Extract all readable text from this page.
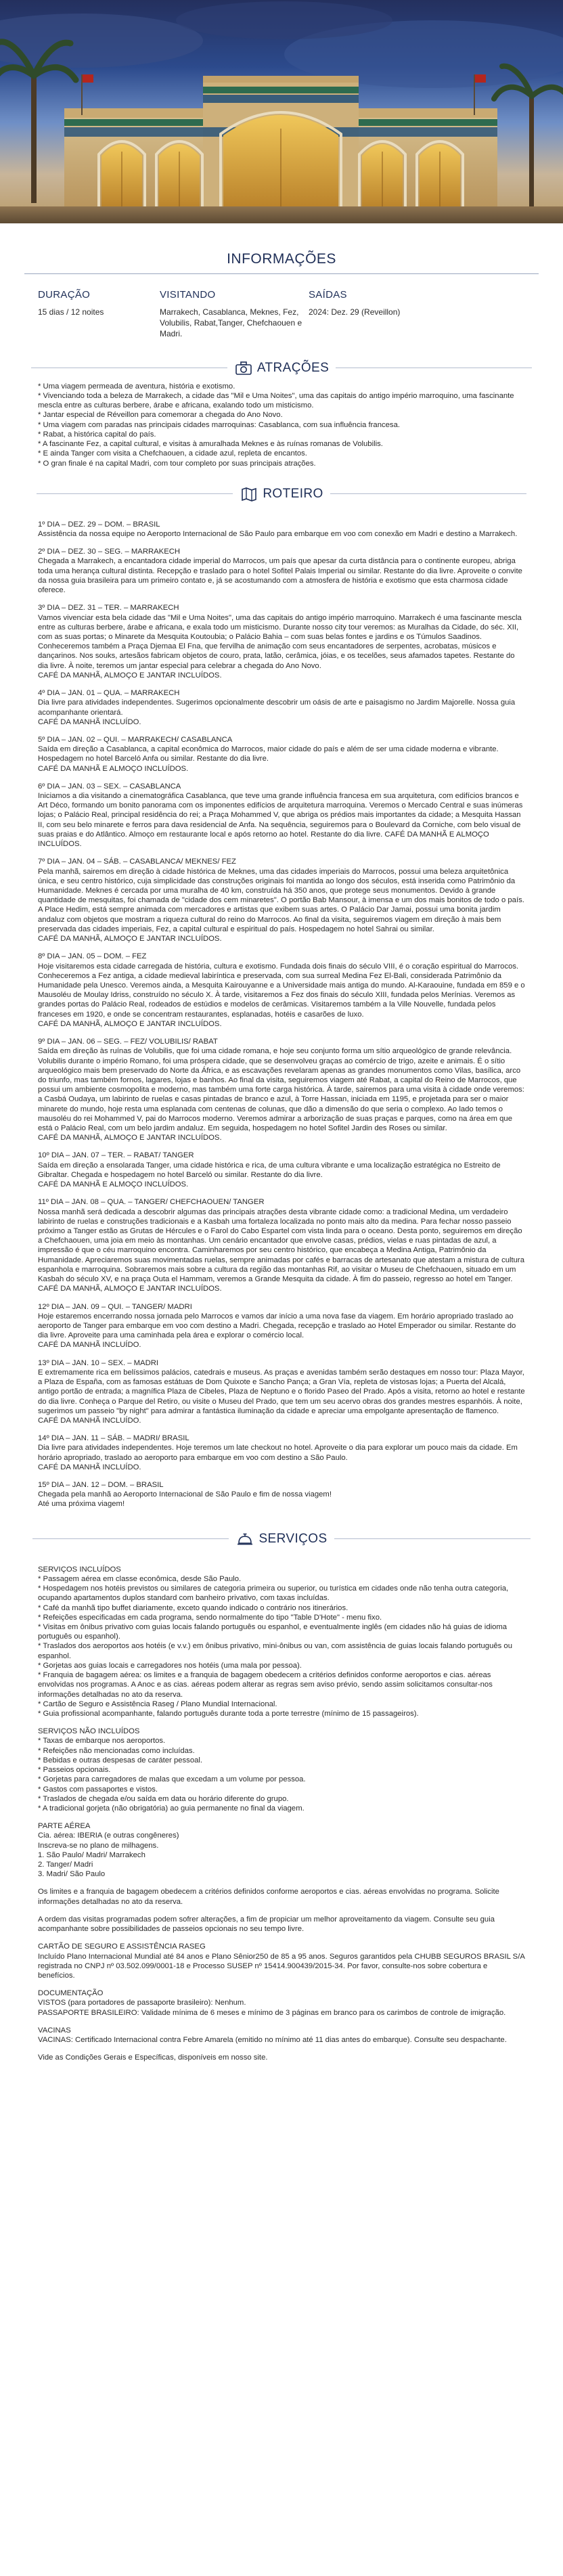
INFORMAÇÕES
DURAÇÃO
15 dias / 12 noites
VISITANDO
Marrakech, Casablanca, Meknes, Fez, Volubilis, Rabat,Tanger, Chefchaouen e Madri.
SAÍDAS
2024: Dez. 29 (Reveillon)
ATRAÇÕES
* Uma viagem permeada de aventura, história e exotismo.
* Vivenciando toda a beleza de Marrakech, a cidade das "Mil e Uma Noites", uma das capitais do antigo império marroquino, uma fascinante mescla entre as culturas berbere, árabe e africana, exalando todo um misticismo.
* Jantar especial de Réveillon para comemorar a chegada do Ano Novo.
* Uma viagem com paradas nas principais cidades marroquinas: Casablanca, com sua influência francesa.
* Rabat, a histórica capital do país.
* A fascinante Fez, a capital cultural, e visitas à amuralhada Meknes e às ruínas romanas de Volubilis.
* E ainda Tanger com visita a Chefchaouen, a cidade azul, repleta de encantos.
* O gran finale é na capital Madri, com tour completo por suas principais atrações.
ROTEIRO
1º DIA – DEZ. 29 – DOM. – BRASIL
Assistência da nossa equipe no Aeroporto Internacional de São Paulo para embarque em voo com conexão em Madri e destino a Marrakech.
2º DIA – DEZ. 30 – SEG. – MARRAKECH
Chegada a Marrakech, a encantadora cidade imperial do Marrocos, um país que apesar da curta distância para o continente europeu, abriga toda uma herança cultural distinta. Recepção e traslado para o hotel Sofitel Palais Imperial ou similar. Restante do dia livre. Aproveite o convite da nossa guia brasileira para um primeiro contato e, já se acostumando com a atmosfera de história e exotismo que esta charmosa cidade oferece.
3º DIA – DEZ. 31 – TER. – MARRAKECH
Vamos vivenciar esta bela cidade das "Mil e Uma Noites", uma das capitais do antigo império marroquino. Marrakech é uma fascinante mescla entre as culturas berbere, árabe e africana, e exala todo um misticismo. Durante nosso city tour veremos: as Muralhas da Cidade, do séc. XII, com as suas portas; o Minarete da Mesquita Koutoubia; o Palácio Bahia – com suas belas fontes e jardins e os Túmulos Saadinos. Conheceremos também a Praça Djemaa El Fna, que fervilha de animação com seus encantadores de serpentes, acrobatas, músicos e dançarinos. Nos souks, artesãos fabricam objetos de couro, prata, latão, cerâmica, jóias, e os tecelões, seus afamados tapetes. Restante do dia livre. À noite, teremos um jantar especial para celebrar a chegada do Ano Novo.
CAFÉ DA MANHÃ, ALMOÇO E JANTAR INCLUÍDOS.
4º DIA – JAN. 01 – QUA. – MARRAKECH
Dia livre para atividades independentes. Sugerimos opcionalmente descobrir um oásis de arte e paisagismo no Jardim Majorelle. Nossa guia acompanhante orientará.
CAFÉ DA MANHÃ INCLUÍDO.
5º DIA – JAN. 02 – QUI. – MARRAKECH/ CASABLANCA
Saída em direção a Casablanca, a capital econômica do Marrocos, maior cidade do país e além de ser uma cidade moderna e vibrante. Hospedagem no hotel Barceló Anfa ou similar. Restante do dia livre.
CAFÉ DA MANHÃ E ALMOÇO INCLUÍDOS.
6º DIA – JAN. 03 – SEX. – CASABLANCA
Iniciamos a dia visitando a cinematográfica Casablanca, que teve uma grande influência francesa em sua arquitetura, com edifícios brancos e Art Déco, formando um bonito panorama com os imponentes edifícios de arquitetura marroquina. Veremos o Mercado Central e suas inúmeras lojas; o Palácio Real, principal residência do rei; a Praça Mohammed V, que abriga os prédios mais importantes da cidade; a Mesquita Hassan II, com seu belo minarete e ferros para dava residencial de Anfa. Na sequência, seguiremos para o Boulevard da Corniche, com belo visual de suas praias e do Atlântico. Almoço em restaurante local e após retorno ao hotel. Restante do dia livre. CAFÉ DA MANHÃ E ALMOÇO INCLUÍDOS.
7º DIA – JAN. 04 – SÁB. – CASABLANCA/ MEKNES/ FEZ
Pela manhã, sairemos em direção à cidade histórica de Meknes, uma das cidades imperiais do Marrocos, possui uma beleza arquitetônica única, e seu centro histórico, cuja simplicidade das construções originais foi mantida ao longo dos séculos, está inserida como Patrimônio da Humanidade. Meknes é cercada por uma muralha de 40 km, construída há 350 anos, que protege seus monumentos. Devido à grande quantidade de mesquitas, foi chamada de "cidade dos cem minaretes". O portão Bab Mansour, à imensa e um dos mais bonitos de todo o país. A Place Hedim, está sempre animada com mercadores e artistas que exibem suas artes. O Palácio Dar Jamai, possui uma bonita jardim andaluz com objetos que mostram a riqueza cultural do reino do Marrocos. Ao final da visita, seguiremos viagem em direção à mais bem preservada das cidades imperiais, Fez, a capital cultural e espiritual do país. Hospedagem no hotel Sahrai ou similar.
CAFÉ DA MANHÃ, ALMOÇO E JANTAR INCLUÍDOS.
8º DIA – JAN. 05 – DOM. – FEZ
Hoje visitaremos esta cidade carregada de história, cultura e exotismo. Fundada dois finais do século VIII, é o coração espiritual do Marrocos. Conheceremos a Fez antiga, a cidade medieval labiríntica e preservada, com sua surreal Medina Fez El-Bali, considerada Patrimônio da Humanidade pela Unesco. Veremos ainda, a Mesquita Kairouyanne e a Universidade mais antiga do mundo. Al-Karaouine, fundada em 859 e o Mausoléu de Moulay Idriss, construído no século X. À tarde, visitaremos a Fez dos finais do século XIII, fundada pelos Merínias. Veremos as grandes portas do Palácio Real, rodeados de estúdios e modelos de cerâmicas. Visitaremos também a la Ville Nouvelle, fundada pelos franceses em 1920, e onde se concentram restaurantes, esplanadas, hotéis e casarões de luxo.
CAFÉ DA MANHÃ, ALMOÇO E JANTAR INCLUÍDOS.
9º DIA – JAN. 06 – SEG. – FEZ/ VOLUBILIS/ RABAT
Saída em direção às ruínas de Volubilis, que foi uma cidade romana, e hoje seu conjunto forma um sítio arqueológico de grande relevância. Volubilis durante o império Romano, foi uma próspera cidade, que se desenvolveu graças ao comércio de trigo, azeite e animais. É o sítio arqueológico mais bem preservado do Norte da África, e as escavações revelaram apenas as grandes monumentos como Vilas, basílica, arco do triunfo, mas também fornos, lagares, lojas e banhos. Ao final da visita, seguiremos viagem até Rabat, a capital do Reino de Marrocos, que possui um ambiente cosmopolita e moderno, mas também uma forte carga histórica. À tarde, sairemos para uma visita à cidade onde veremos: a Casbá Oudaya, um labirinto de ruelas e casas pintadas de branco e azul, à Torre Hassan, iniciada em 1195, e projetada para ser o maior minarete do mundo, hoje resta uma esplanada com centenas de colunas, que dão a dimensão do que seria o complexo. Ao lado temos o mausoléu do rei Mohammed V, pai do Marrocos moderno. Veremos admirar a arborização de suas praças e parques, como na área em que está o Palácio Real, com um belo jardim andaluz. Em seguida, hospedagem no hotel Sofitel Jardin des Roses ou similar.
CAFÉ DA MANHÃ, ALMOÇO E JANTAR INCLUÍDOS.
10º DIA – JAN. 07 – TER. – RABAT/ TANGER
Saída em direção a ensolarada Tanger, uma cidade histórica e rica, de uma cultura vibrante e uma localização estratégica no Estreito de Gibraltar. Chegada e hospedagem no hotel Barceló ou similar. Restante do dia livre.
CAFÉ DA MANHÃ E ALMOÇO INCLUÍDOS.
11º DIA – JAN. 08 – QUA. – TANGER/ CHEFCHAOUEN/ TANGER
Nossa manhã será dedicada a descobrir algumas das principais atrações desta vibrante cidade como: a tradicional Medina, um verdadeiro labirinto de ruelas e construções tradicionais e a Kasbah uma fortaleza localizada no ponto mais alto da medina. Para fechar nosso passeio próximo a Tanger estão as Grutas de Hércules e o Farol do Cabo Espartel com vista linda para o oceano. Desta ponto, seguiremos em direção a Chefchaouen, uma joia em meio às montanhas. Um cenário encantador que envolve casas, prédios, vielas e ruas pintadas de azul, a impressão é que o céu marroquino encontra. Caminharemos por seu centro histórico, que encabeça a Medina Antiga, Patrimônio da Humanidade. Apreciaremos suas movimentadas ruelas, sempre animadas por cafés e barracas de artesanato que atestam a mistura de cultura espanhola e marroquina. Sobraremos mais sobre a cultura da região das montanhas Rif, ao visitar o Museu de Chefchaouen, situado em um Kasbah do século XV, e na praça Outa el Hammam, veremos a Grande Mesquita da cidade. À fim do passeio, regresso ao hotel em Tanger.
CAFÉ DA MANHÃ, ALMOÇO E JANTAR INCLUÍDOS.
12º DIA – JAN. 09 – QUI. – TANGER/ MADRI
Hoje estaremos encerrando nossa jornada pelo Marrocos e vamos dar início a uma nova fase da viagem. Em horário apropriado traslado ao aeroporto de Tanger para embarque em voo com destino a Madri. Chegada, recepção e traslado ao Hotel Emperador ou similar. Restante do dia livre. Aproveite para uma caminhada pela área e explorar o comércio local.
CAFÉ DA MANHÃ INCLUÍDO.
13º DIA – JAN. 10 – SEX. – MADRI
E extremamente rica em belíssimos palácios, catedrais e museus. As praças e avenidas também serão destaques em nosso tour: Plaza Mayor, a Plaza de España, com as famosas estátuas de Dom Quixote e Sancho Pança; a Gran Vía, repleta de vistosas lojas; a Puerta del Alcalá, antigo portão de entrada; a magnífica Plaza de Cibeles, Plaza de Neptuno e o florido Paseo del Prado. Após a visita, retorno ao hotel e restante do dia livre. Conheça o Parque del Retiro, ou visite o Museu del Prado, que tem um seu acervo obras dos grandes mestres espanhóis. À noite, sugerimos um passeio "by night" para admirar a fantástica iluminação da cidade e apreciar uma empolgante apresentação de flamenco.
CAFÉ DA MANHÃ INCLUÍDO.
14º DIA – JAN. 11 – SÁB. – MADRI/ BRASIL
Dia livre para atividades independentes. Hoje teremos um late checkout no hotel. Aproveite o dia para explorar um pouco mais da cidade. Em horário apropriado, traslado ao aeroporto para embarque em voo com destino a São Paulo.
CAFÉ DA MANHÃ INCLUÍDO.
15º DIA – JAN. 12 – DOM. – BRASIL
Chegada pela manhã ao Aeroporto Internacional de São Paulo e fim de nossa viagem!
Até uma próxima viagem!
SERVIÇOS
SERVIÇOS INCLUÍDOS
* Passagem aérea em classe econômica, desde São Paulo.
* Hospedagem nos hotéis previstos ou similares de categoria primeira ou superior, ou turística em cidades onde não tenha outra categoria, ocupando apartamentos duplos standard com banheiro privativo, com taxas incluídas.
* Café da manhã tipo buffet diariamente, exceto quando indicado o contrário nos itinerários.
* Refeições especificadas em cada programa, sendo normalmente do tipo "Table D'Hote" - menu fixo.
* Visitas em ônibus privativo com guias locais falando português ou espanhol, e eventualmente inglês (em cidades não há guias de idioma português ou espanhol).
* Traslados dos aeroportos aos hotéis (e v.v.) em ônibus privativo, mini-ônibus ou van, com assistência de guias locais falando português ou espanhol.
* Gorjetas aos guias locais e carregadores nos hotéis (uma mala por pessoa).
* Franquia de bagagem aérea: os limites e a franquia de bagagem obedecem a critérios definidos conforme aeroportos e cias. aéreas envolvidas nos programas. A Anoc e as cias. aéreas podem alterar as regras sem aviso prévio, sendo assim solicitamos consultar-nos informações detalhadas no ato da reserva.
* Cartão de Seguro e Assistência Raseg / Plano Mundial Internacional.
* Guia profissional acompanhante, falando português durante toda a porte terrestre (mínimo de 15 passageiros).
SERVIÇOS NÃO INCLUÍDOS
* Taxas de embarque nos aeroportos.
* Refeições não mencionadas como incluídas.
* Bebidas e outras despesas de caráter pessoal.
* Passeios opcionais.
* Gorjetas para carregadores de malas que excedam a um volume por pessoa.
* Gastos com passaportes e vistos.
* Traslados de chegada e/ou saída em data ou horário diferente do grupo.
* A tradicional gorjeta (não obrigatória) ao guia permanente no final da viagem.
PARTE AÉREA
Cia. aérea: IBERIA (e outras congêneres)
Inscreva-se no plano de milhagens.
1. São Paulo/ Madri/ Marrakech
2. Tanger/ Madri
3. Madri/ São Paulo
Os limites e a franquia de bagagem obedecem a critérios definidos conforme aeroportos e cias. aéreas envolvidas no programa. Solicite informações detalhadas no ato da reserva.
A ordem das visitas programadas podem sofrer alterações, a fim de propiciar um melhor aproveitamento da viagem. Consulte seu guia acompanhante sobre possibilidades de passeios opcionais no seu tempo livre.
CARTÃO DE SEGURO E ASSISTÊNCIA RASEG
Incluído Plano Internacional Mundial até 84 anos e Plano Sênior250 de 85 a 95 anos. Seguros garantidos pela CHUBB SEGUROS BRASIL S/A registrada no CNPJ nº 03.502.099/0001-18 e Processo SUSEP nº 15414.900439/2015-34. Por favor, consulte-nos sobre cobertura e benefícios.
DOCUMENTAÇÃO
VISTOS (para portadores de passaporte brasileiro): Nenhum.
PASSAPORTE BRASILEIRO: Validade mínima de 6 meses e mínimo de 3 páginas em branco para os carimbos de controle de imigração.
VACINAS
VACINAS: Certificado Internacional contra Febre Amarela (emitido no mínimo até 11 dias antes do embarque). Consulte seu despachante.
Vide as Condições Gerais e Específicas, disponíveis em nosso site.
